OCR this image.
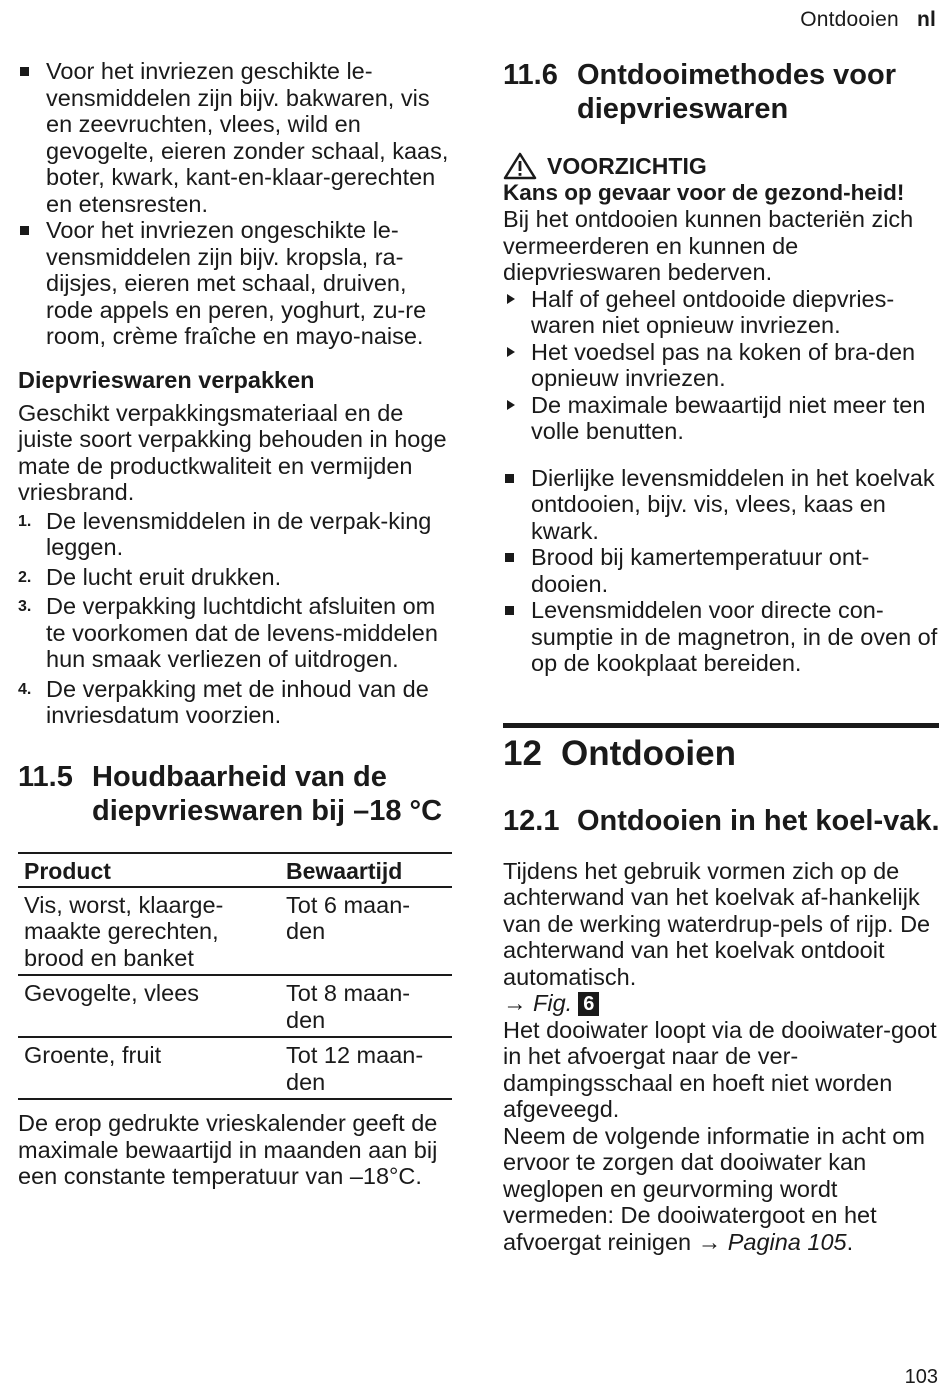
Ontdooien nl
Voor het invriezen geschikte le-vensmiddelen zijn bijv. bakwaren, vis en zeevruchten, vlees, wild en gevogelte, eieren zonder schaal, kaas, boter, kwark, kant-en-klaar-gerechten en etensresten.
Voor het invriezen ongeschikte le-vensmiddelen zijn bijv. kropsla, ra-dijsjes, eieren met schaal, druiven, rode appels en peren, yoghurt, zu-re room, crème fraîche en mayo-naise.

Diepvrieswaren verpakken

Geschikt verpakkingsmateriaal en de juiste soort verpakking behouden in hoge mate de productkwaliteit en vermijden vriesbrand.

1. De levensmiddelen in de verpak-king leggen.
2. De lucht eruit drukken.
3. De verpakking luchtdicht afsluiten om te voorkomen dat de levens-middelen hun smaak verliezen of uitdrogen.
4. De verpakking met de inhoud van de invriesdatum voorzien.
11.5 Houdbaarheid van de diepvrieswaren bij –18 °C
Product	Bewaartijd
Vis, worst, klaarge-maakte gerechten, brood en banket	Tot 6 maan-den
Gevogelte, vlees	Tot 8 maan-den
Groente, fruit	Tot 12 maan-den

De erop gedrukte vrieskalender geeft de maximale bewaartijd in maanden aan bij een constante temperatuur van –18°C.

11.6 Ontdooimethodes voor diepvrieswaren
VOORZICHTIG

Kans op gevaar voor de gezond-heid!

Bij het ontdooien kunnen bacteriën zich vermeerderen en kunnen de diepvrieswaren bederven.

Half of geheel ontdooide diepvries-waren niet opnieuw invriezen.
Het voedsel pas na koken of bra-den opnieuw invriezen.
De maximale bewaartijd niet meer ten volle benutten.
Dierlijke levensmiddelen in het koelvak ontdooien, bijv. vis, vlees, kaas en kwark.
Brood bij kamertemperatuur ont-dooien.
Levensmiddelen voor directe con-sumptie in de magnetron, in de oven of op de kookplaat bereiden.
12 Ontdooien
12.1 Ontdooien in het koel-vak.

Tijdens het gebruik vormen zich op de achterwand van het koelvak af-hankelijk van de werking waterdrup-pels of rijp. De achterwand van het koelvak ontdooit automatisch.

→ Fig. 6

Het dooiwater loopt via de dooiwater-goot in het afvoergat naar de ver-dampingsschaal en hoeft niet worden afgeveegd.

Neem de volgende informatie in acht om ervoor te zorgen dat dooiwater kan weglopen en geurvorming wordt vermeden: De dooiwatergoot en het afvoergat reinigen → Pagina 105.

103
